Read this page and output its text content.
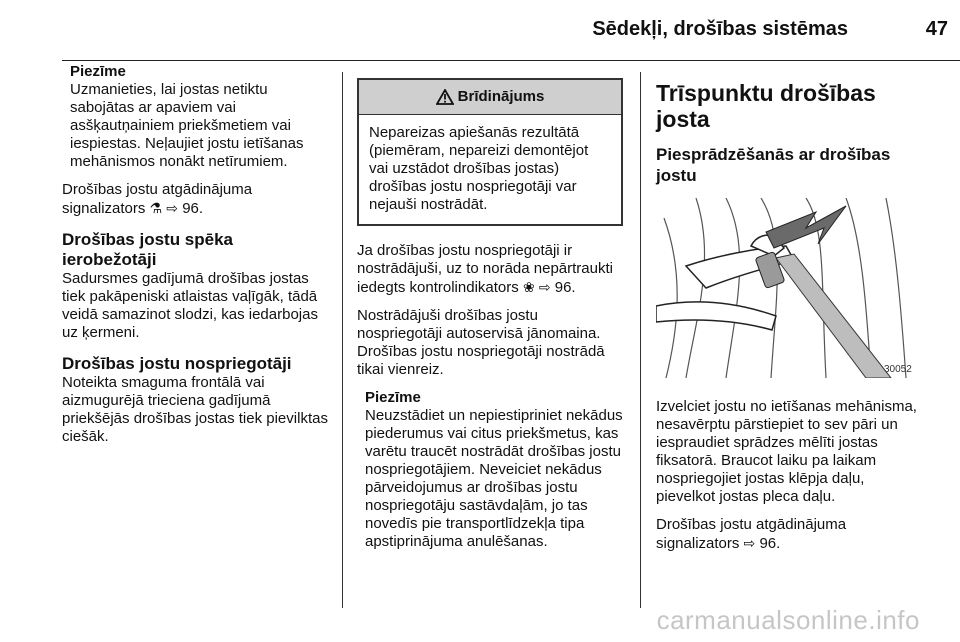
Sēdekļi, drošības sistēmas	47
Piezīme
Uzmanieties, lai jostas netiktu sabojātas ar apaviem vai asšķautņainiem priekšmetiem vai iespiestas. Neļaujiet jostu ietīšanas mehānismos nonākt netīrumiem.

Drošības jostu atgādinājuma signalizators ⚗ ⇨ 96.

Drošības jostu spēka ierobežotāji

Sadursmes gadījumā drošības jostas tiek pakāpeniski atlaistas vaļīgāk, tādā veidā samazinot slodzi, kas iedarbojas uz ķermeni.

Drošības jostu nospriegotāji

Noteikta smaguma frontālā vai aizmugurējā trieciena gadījumā priekšējās drošības jostas tiek pievilktas ciešāk.

Brīdinājums
Nepareizas apiešanās rezultātā (piemēram, nepareizi demontējot vai uzstādot drošības jostas) drošības jostu nospriegotāji var nejauši nostrādāt.

Ja drošības jostu nospriegotāji ir nostrādājuši, uz to norāda nepārtraukti iedegts kontrolindikators ❀ ⇨ 96.

Nostrādājuši drošības jostu nospriegotāji autoservisā jānomaina. Drošības jostu nospriegotāji nostrādā tikai vienreiz.

Piezīme
Neuzstādiet un nepiestipriniet nekādus piederumus vai citus priekšmetus, kas varētu traucēt nostrādāt drošības jostu nospriegotājiem. Neveiciet nekādus pārveidojumus ar drošības jostu nospriegotāju sastāvdaļām, jo tas novedīs pie transportlīdzekļa tipa apstiprinājuma anulēšanas.
Trīspunktu drošības josta
Piesprādzēšanās ar drošības jostu
30052

Izvelciet jostu no ietīšanas mehānisma, nesavērptu pārstiepiet to sev pāri un iespraudiet sprādzes mēlīti jostas fiksatorā. Braucot laiku pa laikam nospriegojiet jostas klēpja daļu, pievelkot jostas pleca daļu.

Drošības jostu atgādinājuma signalizators ⇨ 96.

carmanualsonline.info
